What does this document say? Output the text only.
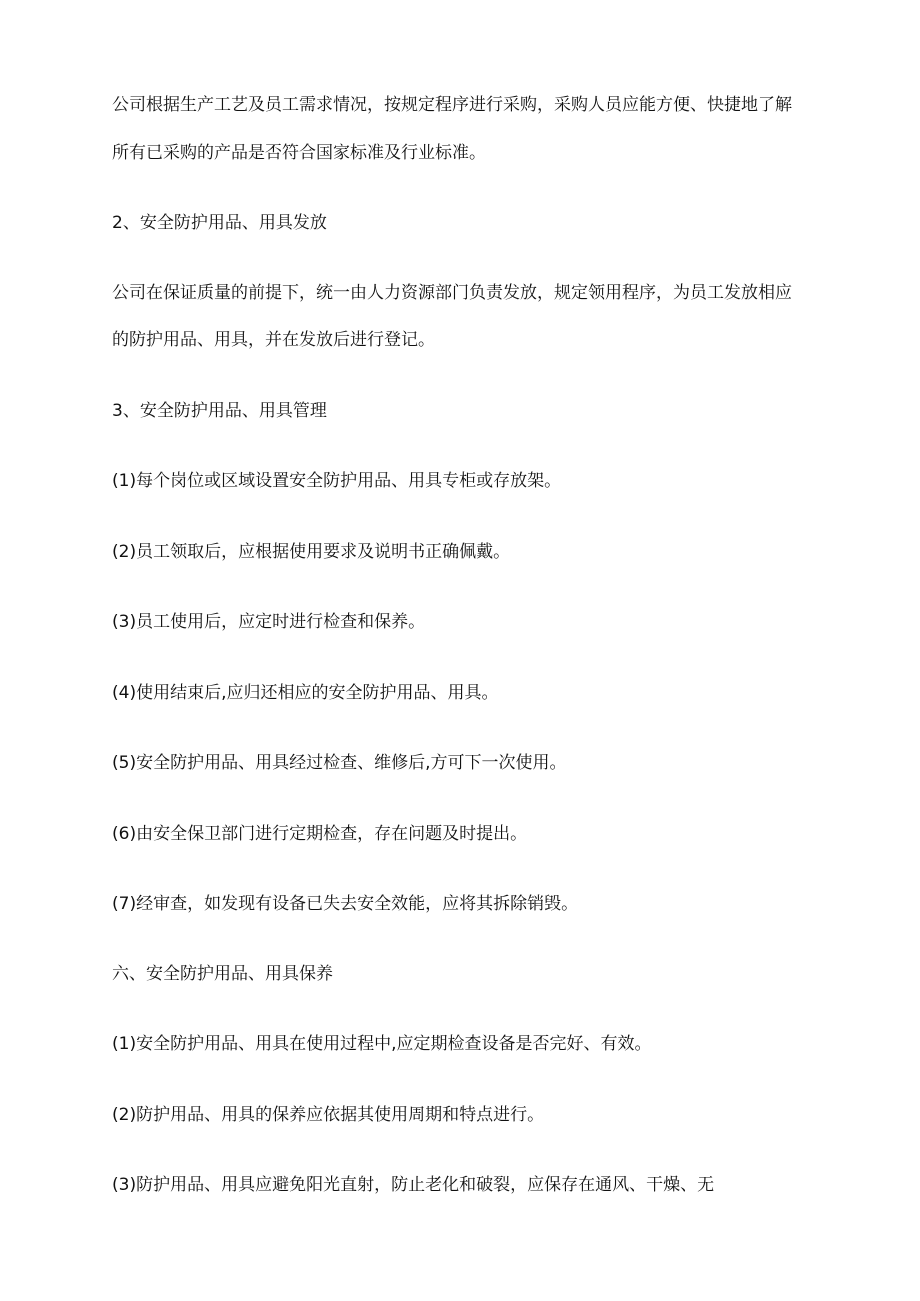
公司根据生产工艺及员工需求情况，按规定程序进行采购，采购人员应能方便、快捷地了解
所有已采购的产品是否符合国家标准及行业标准。
2、安全防护用品、用具发放
公司在保证质量的前提下，统一由人力资源部门负责发放，规定领用程序，为员工发放相应
的防护用品、用具，并在发放后进行登记。
3、安全防护用品、用具管理
(1)每个岗位或区域设置安全防护用品、用具专柜或存放架。
(2)员工领取后，应根据使用要求及说明书正确佩戴。
(3)员工使用后，应定时进行检查和保养。
(4)使用结束后,应归还相应的安全防护用品、用具。
(5)安全防护用品、用具经过检查、维修后,方可下一次使用。
(6)由安全保卫部门进行定期检查，存在问题及时提出。
(7)经审查，如发现有设备已失去安全效能，应将其拆除销毁。
六、安全防护用品、用具保养
(1)安全防护用品、用具在使用过程中,应定期检查设备是否完好、有效。
(2)防护用品、用具的保养应依据其使用周期和特点进行。
(3)防护用品、用具应避免阳光直射，防止老化和破裂，应保存在通风、干燥、无
